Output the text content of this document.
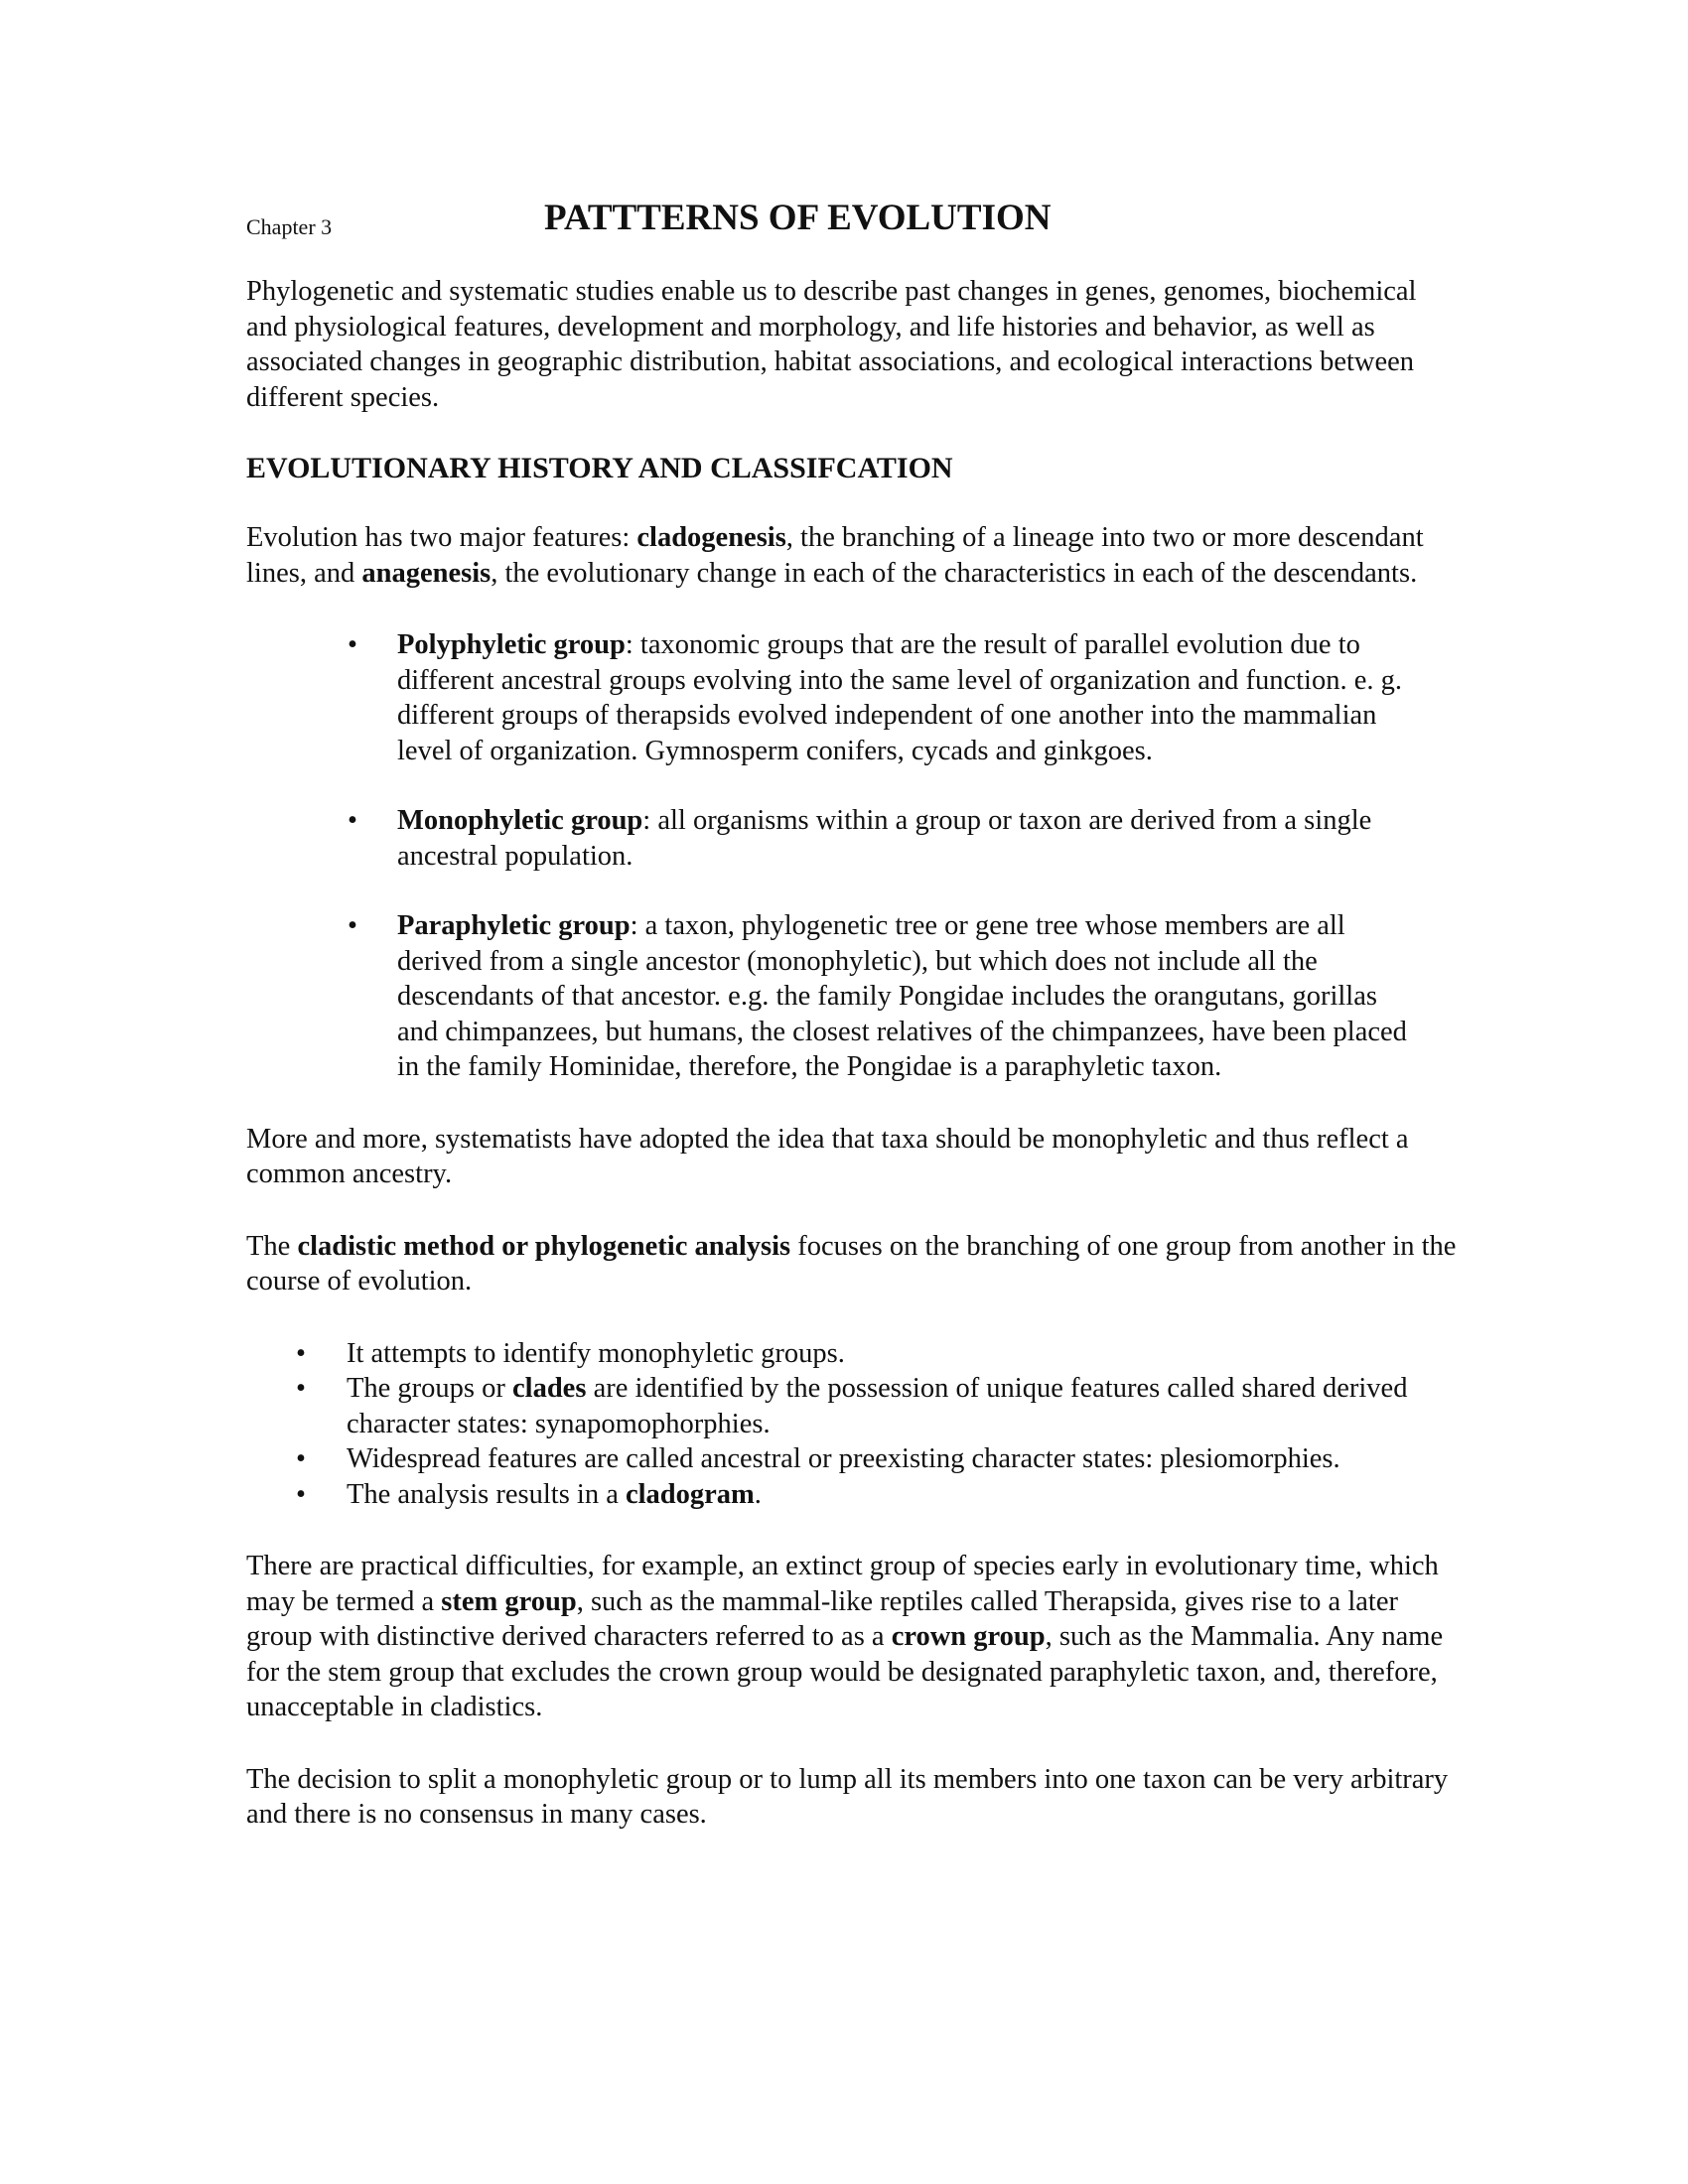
Chapter 3	PATTTERNS OF EVOLUTION

Phylogenetic and systematic studies enable us to describe past changes in genes, genomes, biochemical and physiological features, development and morphology, and life histories and behavior, as well as associated changes in geographic distribution, habitat associations, and ecological interactions between different species.

EVOLUTIONARY HISTORY AND CLASSIFCATION

Evolution has two major features: cladogenesis, the branching of a lineage into two or more descendant lines, and anagenesis, the evolutionary change in each of the characteristics in each of the descendants.

• Polyphyletic group: taxonomic groups that are the result of parallel evolution due to different ancestral groups evolving into the same level of organization and function. e. g. different groups of therapsids evolved independent of one another into the mammalian level of organization. Gymnosperm conifers, cycads and ginkgoes.
• Monophyletic group: all organisms within a group or taxon are derived from a single ancestral population.
• Paraphyletic group: a taxon, phylogenetic tree or gene tree whose members are all derived from a single ancestor (monophyletic), but which does not include all the descendants of that ancestor. e.g. the family Pongidae includes the orangutans, gorillas and chimpanzees, but humans, the closest relatives of the chimpanzees, have been placed in the family Hominidae, therefore, the Pongidae is a paraphyletic taxon.

More and more, systematists have adopted the idea that taxa should be monophyletic and thus reflect a common ancestry.

The cladistic method or phylogenetic analysis focuses on the branching of one group from another in the course of evolution.

• It attempts to identify monophyletic groups.
• The groups or clades are identified by the possession of unique features called shared derived character states: synapomophorphies.
• Widespread features are called ancestral or preexisting character states: plesiomorphies.
• The analysis results in a cladogram.

There are practical difficulties, for example, an extinct group of species early in evolutionary time, which may be termed a stem group, such as the mammal-like reptiles called Therapsida, gives rise to a later group with distinctive derived characters referred to as a crown group, such as the Mammalia. Any name for the stem group that excludes the crown group would be designated paraphyletic taxon, and, therefore, unacceptable in cladistics.

The decision to split a monophyletic group or to lump all its members into one taxon can be very arbitrary and there is no consensus in many cases.
